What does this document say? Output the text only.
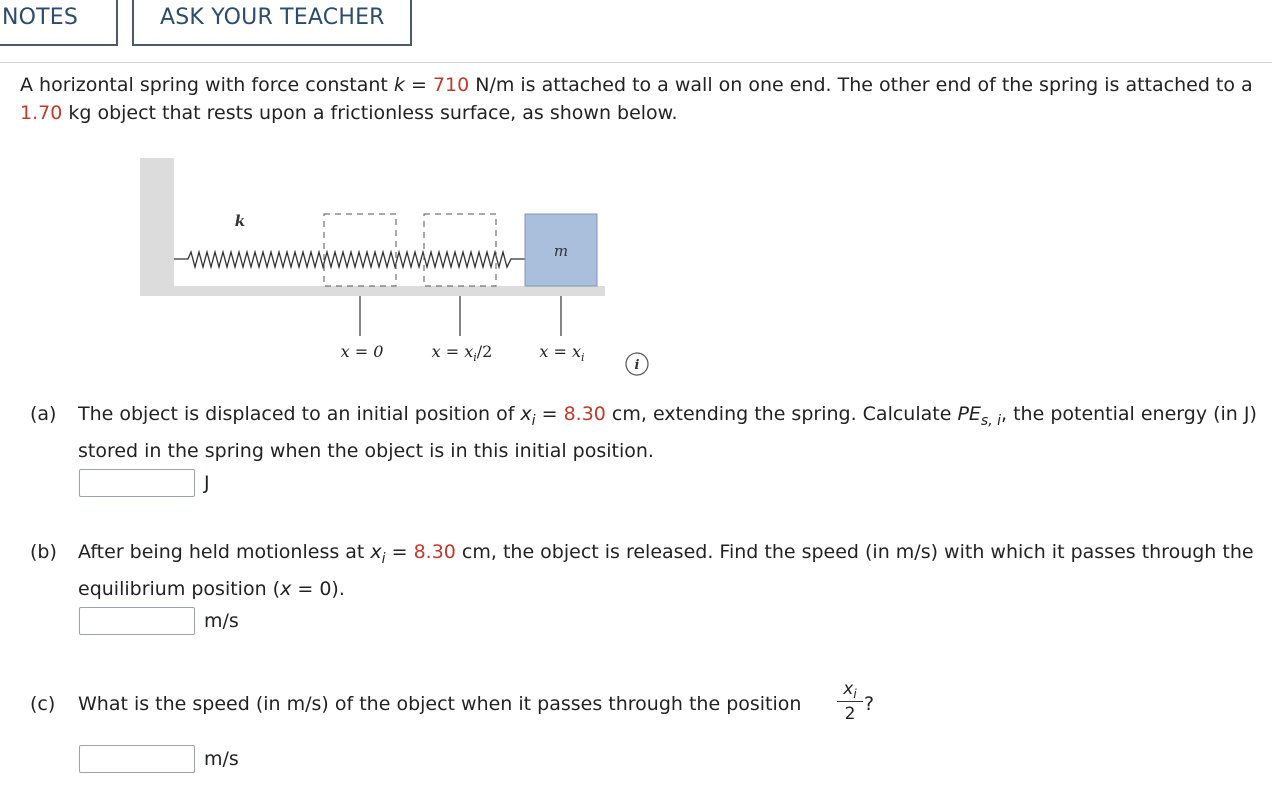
NOTES	ASK YOUR TEACHER
A horizontal spring with force constant k = 710 N/m is attached to a wall on one end. The other end of the spring is attached to a 1.70 kg object that rests upon a frictionless surface, as shown below.
m
k
x = 0	$x = x_i/2$	$x = x_i$
i
(a)	The object is displaced to an initial position of $x_i = 8.30$ cm, extending the spring. Calculate $PE_{s, i}$, the potential energy (in J) stored in the spring when the object is in this initial position.
J
(b)	After being held motionless at $x_i = 8.30$ cm, the object is released. Find the speed (in m/s) with which it passes through the equilibrium position (x = 0).
m/s
(c)	What is the speed (in m/s) of the object when it passes through the position
$x_i$
2 ?
m/s
